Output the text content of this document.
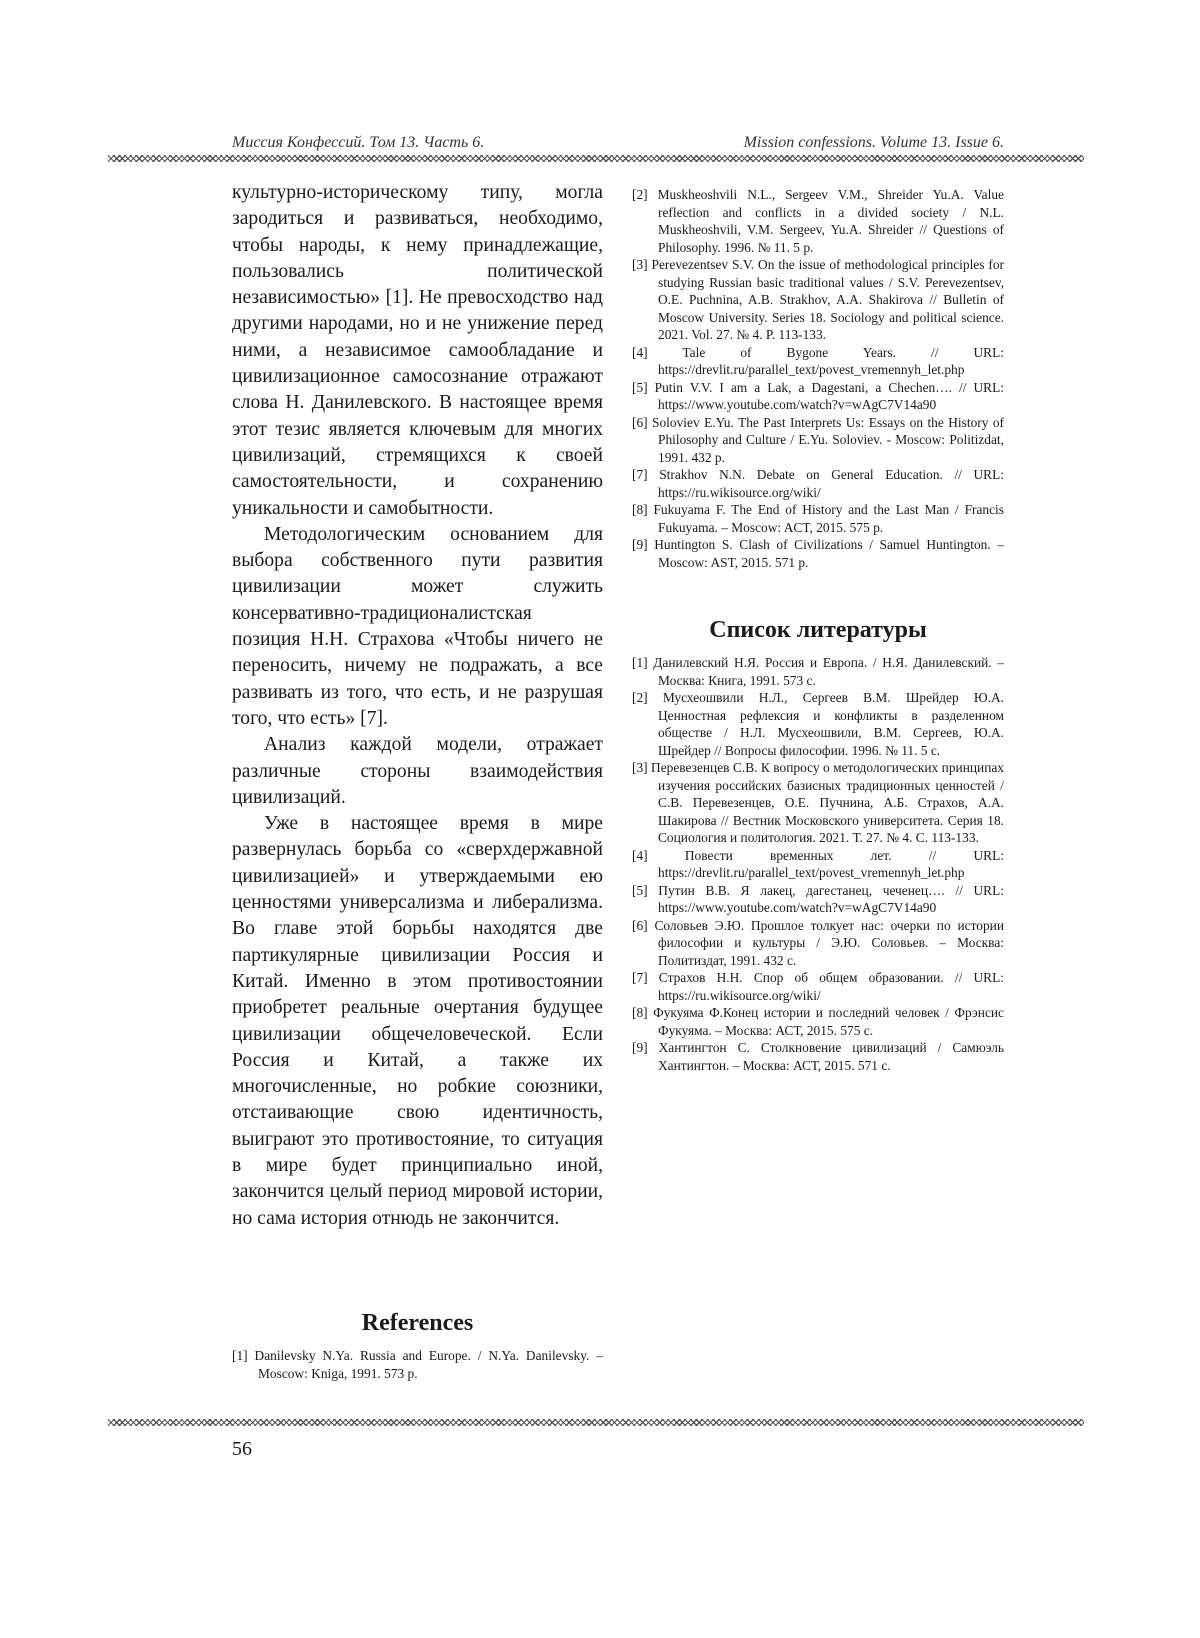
Миссия Конфессий. Том 13. Часть 6.	Mission confessions. Volume 13. Issue 6.

культурно-историческому типу, могла зародиться и развиваться, необходимо, чтобы народы, к нему принадлежащие, пользовались политической независимостью» [1]. Не превосходство над другими народами, но и не унижение перед ними, а независимое самообладание и цивилизационное самосознание отражают слова Н. Данилевского. В настоящее время этот тезис является ключевым для многих цивилизаций, стремящихся к своей самостоятельности, и сохранению уникальности и самобытности.

Методологическим основанием для выбора собственного пути развития цивилизации может служить консервативно-традиционалистская позиция Н.Н. Страхова «Чтобы ничего не переносить, ничему не подражать, а все развивать из того, что есть, и не разрушая того, что есть» [7].

Анализ каждой модели, отражает различные стороны взаимодействия цивилизаций.

Уже в настоящее время в мире развернулась борьба со «сверхдержавной цивилизацией» и утверждаемыми ею ценностями универсализма и либерализма. Во главе этой борьбы находятся две партикулярные цивилизации Россия и Китай. Именно в этом противостоянии приобретет реальные очертания будущее цивилизации общечеловеческой. Если Россия и Китай, а также их многочисленные, но робкие союзники, отстаивающие свою идентичность, выиграют это противостояние, то ситуация в мире будет принципиально иной, закончится целый период мировой истории, но сама история отнюдь не закончится.

References

[1] Danilevsky N.Ya. Russia and Europe. / N.Ya. Danilevsky. – Moscow: Kniga, 1991. 573 p.

[2] Muskheoshvili N.L., Sergeev V.M., Shreider Yu.A. Value reflection and conflicts in a divided society / N.L. Muskheoshvili, V.M. Sergeev, Yu.A. Shreider // Questions of Philosophy. 1996. № 11. 5 p.

[3] Perevezentsev S.V. On the issue of methodological principles for studying Russian basic traditional values / S.V. Perevezentsev, O.E. Puchnina, A.B. Strakhov, A.A. Shakirova // Bulletin of Moscow University. Series 18. Sociology and political science. 2021. Vol. 27. № 4. P. 113-133.

[4] Tale of Bygone Years. // URL: https://drevlit.ru/parallel_text/povest_vremennyh_let.php

[5] Putin V.V. I am a Lak, a Dagestani, a Chechen…. // URL: https://www.youtube.com/watch?v=wAgC7V14a90

[6] Soloviev E.Yu. The Past Interprets Us: Essays on the History of Philosophy and Culture / E.Yu. Soloviev. - Moscow: Politizdat, 1991. 432 p.

[7] Strakhov N.N. Debate on General Education. // URL: https://ru.wikisource.org/wiki/

[8] Fukuyama F. The End of History and the Last Man / Francis Fukuyama. – Moscow: ACT, 2015. 575 p.

[9] Huntington S. Clash of Civilizations / Samuel Huntington. – Moscow: AST, 2015. 571 p.

Список литературы

[1] Данилевский Н.Я. Россия и Европа. / Н.Я. Данилевский. – Москва: Книга, 1991. 573 с.

[2] Мусхеошвили Н.Л., Сергеев В.М. Шрейдер Ю.А. Ценностная рефлексия и конфликты в разделенном обществе / Н.Л. Мусхеошвили, В.М. Сергеев, Ю.А. Шрейдер // Вопросы философии. 1996. № 11. 5 с.

[3] Перевезенцев С.В. К вопросу о методологических принципах изучения российских базисных традиционных ценностей / С.В. Перевезенцев, О.Е. Пучнина, А.Б. Страхов, А.А. Шакирова // Вестник Московского университета. Серия 18. Социология и политология. 2021. Т. 27. № 4. С. 113-133.

[4] Повести временных лет. // URL: https://drevlit.ru/parallel_text/povest_vremennyh_let.php

[5] Путин В.В. Я лакец, дагестанец, чеченец…. // URL: https://www.youtube.com/watch?v=wAgC7V14a90

[6] Соловьев Э.Ю. Прошлое толкует нас: очерки по истории философии и культуры / Э.Ю. Соловьев. – Москва: Политиздат, 1991. 432 с.

[7] Страхов Н.Н. Спор об общем образовании. // URL: https://ru.wikisource.org/wiki/

[8] Фукуяма Ф.Конец истории и последний человек / Фрэнсис Фукуяма. – Москва: АСТ, 2015. 575 с.

[9] Хантингтон С. Столкновение цивилизаций / Самюэль Хантингтон. – Москва: АСТ, 2015. 571 с.

56
